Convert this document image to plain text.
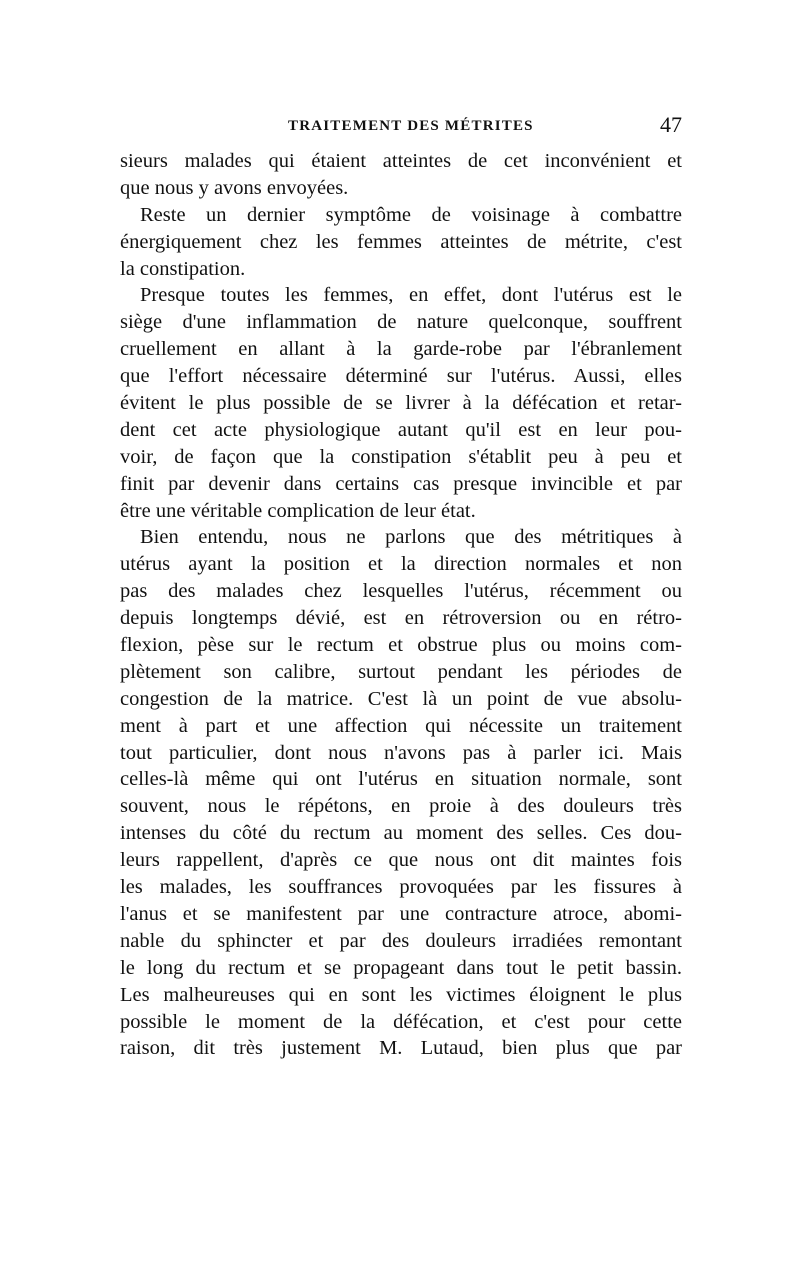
TRAITEMENT DES MÉTRITES	47
sieurs malades qui étaient atteintes de cet inconvénient et
que nous y avons envoyées.
Reste un dernier symptôme de voisinage à combattre
énergiquement chez les femmes atteintes de métrite, c'est
la constipation.
Presque toutes les femmes, en effet, dont l'utérus est le
siège d'une inflammation de nature quelconque, souffrent
cruellement en allant à la garde-robe par l'ébranlement
que l'effort nécessaire déterminé sur l'utérus. Aussi, elles
évitent le plus possible de se livrer à la défécation et retar-
dent cet acte physiologique autant qu'il est en leur pou-
voir, de façon que la constipation s'établit peu à peu et
finit par devenir dans certains cas presque invincible et par
être une véritable complication de leur état.
Bien entendu, nous ne parlons que des métritiques à
utérus ayant la position et la direction normales et non
pas des malades chez lesquelles l'utérus, récemment ou
depuis longtemps dévié, est en rétroversion ou en rétro-
flexion, pèse sur le rectum et obstrue plus ou moins com-
plètement son calibre, surtout pendant les périodes de
congestion de la matrice. C'est là un point de vue absolu-
ment à part et une affection qui nécessite un traitement
tout particulier, dont nous n'avons pas à parler ici. Mais
celles-là même qui ont l'utérus en situation normale, sont
souvent, nous le répétons, en proie à des douleurs très
intenses du côté du rectum au moment des selles. Ces dou-
leurs rappellent, d'après ce que nous ont dit maintes fois
les malades, les souffrances provoquées par les fissures à
l'anus et se manifestent par une contracture atroce, abomi-
nable du sphincter et par des douleurs irradiées remontant
le long du rectum et se propageant dans tout le petit bassin.
Les malheureuses qui en sont les victimes éloignent le plus
possible le moment de la défécation, et c'est pour cette
raison, dit très justement M. Lutaud, bien plus que par
